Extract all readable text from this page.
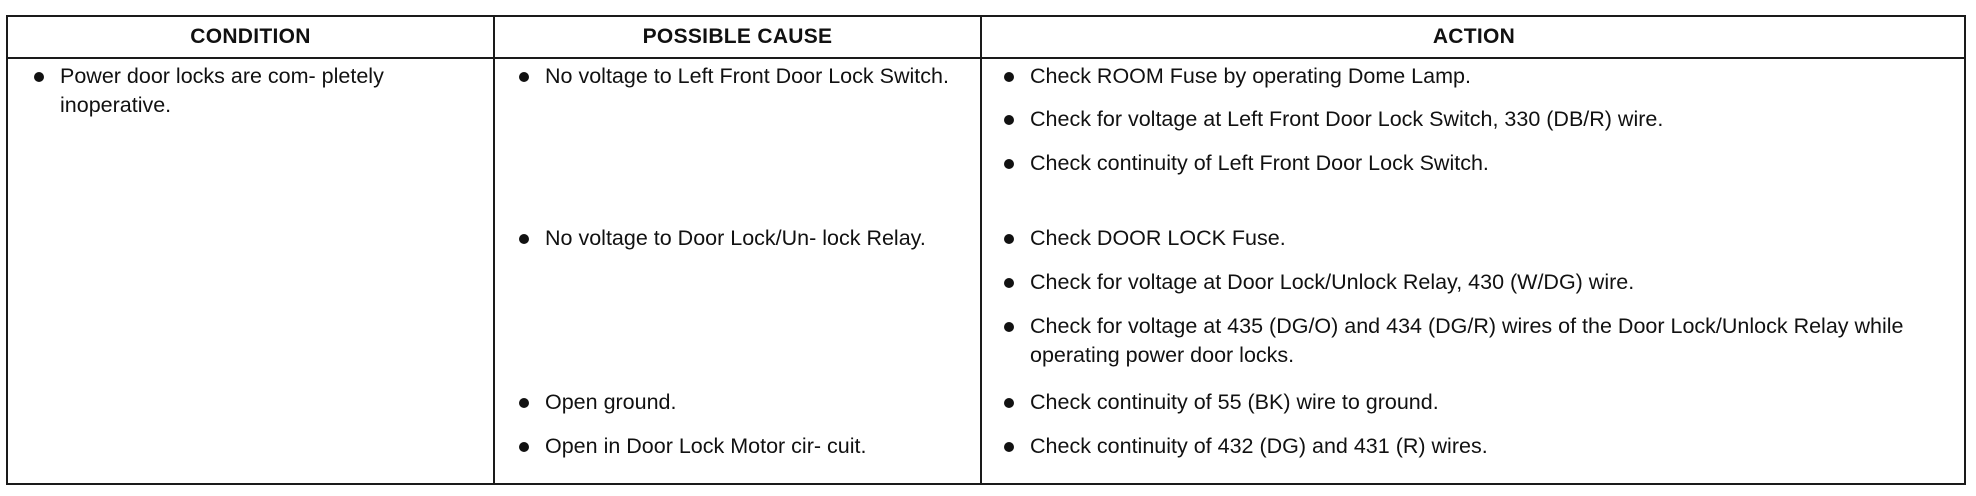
CONDITION	POSSIBLE CAUSE	ACTION
Power door locks are com- pletely inoperative.
No voltage to Left Front Door Lock Switch.
No voltage to Door Lock/Un- lock Relay.
Open ground.
Open in Door Lock Motor cir- cuit.
Check ROOM Fuse by operating Dome Lamp.
Check for voltage at Left Front Door Lock Switch, 330 (DB/R) wire.
Check continuity of Left Front Door Lock Switch.
Check DOOR LOCK Fuse.
Check for voltage at Door Lock/Unlock Relay, 430 (W/DG) wire.
Check for voltage at 435 (DG/O) and 434 (DG/R) wires of the Door Lock/Unlock Relay while operating power door locks.
Check continuity of 55 (BK) wire to ground.
Check continuity of 432 (DG) and 431 (R) wires.
